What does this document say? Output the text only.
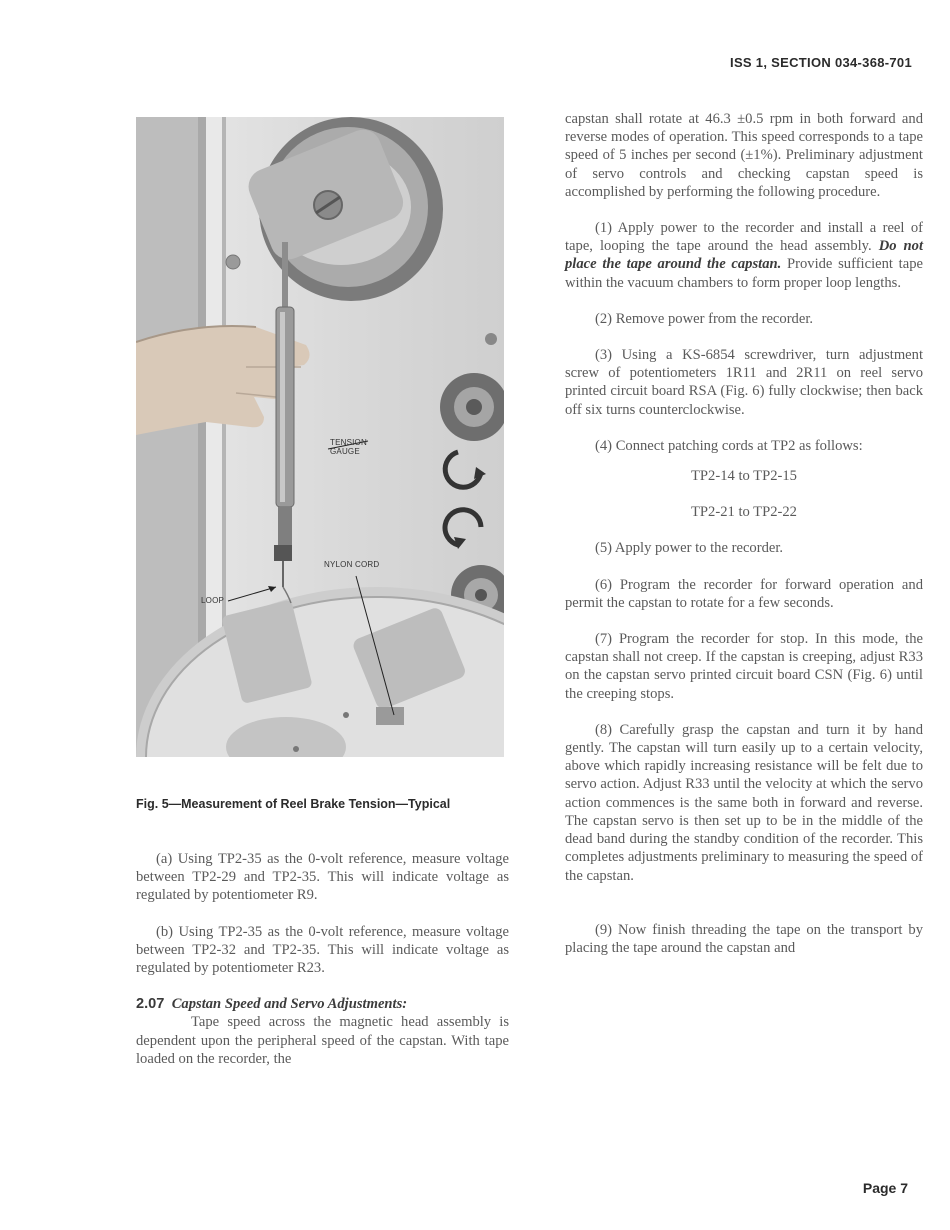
ISS 1, SECTION 034-368-701
TENSION
GAUGE
NYLON CORD
LOOP
Fig. 5—Measurement of Reel Brake Tension—Typical
(a) Using TP2-35 as the 0-volt reference, measure voltage between TP2-29 and TP2-35. This will indicate voltage as regulated by potentiometer R9.
(b) Using TP2-35 as the 0-volt reference, measure voltage between TP2-32 and TP2-35. This will indicate voltage as regulated by potentiometer R23.
2.07 Capstan Speed and Servo Adjustments:
Tape speed across the magnetic head assembly is dependent upon the peripheral speed of the capstan. With tape loaded on the recorder, the
capstan shall rotate at 46.3 ±0.5 rpm in both forward and reverse modes of operation. This speed corresponds to a tape speed of 5 inches per second (±1%). Preliminary adjustment of servo controls and checking capstan speed is accomplished by performing the following procedure.
(1) Apply power to the recorder and install a reel of tape, looping the tape around the head assembly. Do not place the tape around the capstan. Provide sufficient tape within the vacuum chambers to form proper loop lengths.
(2) Remove power from the recorder.
(3) Using a KS-6854 screwdriver, turn adjustment screw of potentiometers 1R11 and 2R11 on reel servo printed circuit board RSA (Fig. 6) fully clockwise; then back off six turns counterclockwise.
(4) Connect patching cords at TP2 as follows:
TP2-14 to TP2-15
TP2-21 to TP2-22
(5) Apply power to the recorder.
(6) Program the recorder for forward operation and permit the capstan to rotate for a few seconds.
(7) Program the recorder for stop. In this mode, the capstan shall not creep. If the capstan is creeping, adjust R33 on the capstan servo printed circuit board CSN (Fig. 6) until the creeping stops.
(8) Carefully grasp the capstan and turn it by hand gently. The capstan will turn easily up to a certain velocity, above which rapidly increasing resistance will be felt due to servo action. Adjust R33 until the velocity at which the servo action commences is the same both in forward and reverse. The capstan servo is then set up to be in the middle of the dead band during the standby condition of the recorder. This completes adjustments preliminary to measuring the speed of the capstan.
(9) Now finish threading the tape on the transport by placing the tape around the capstan and
Page 7
